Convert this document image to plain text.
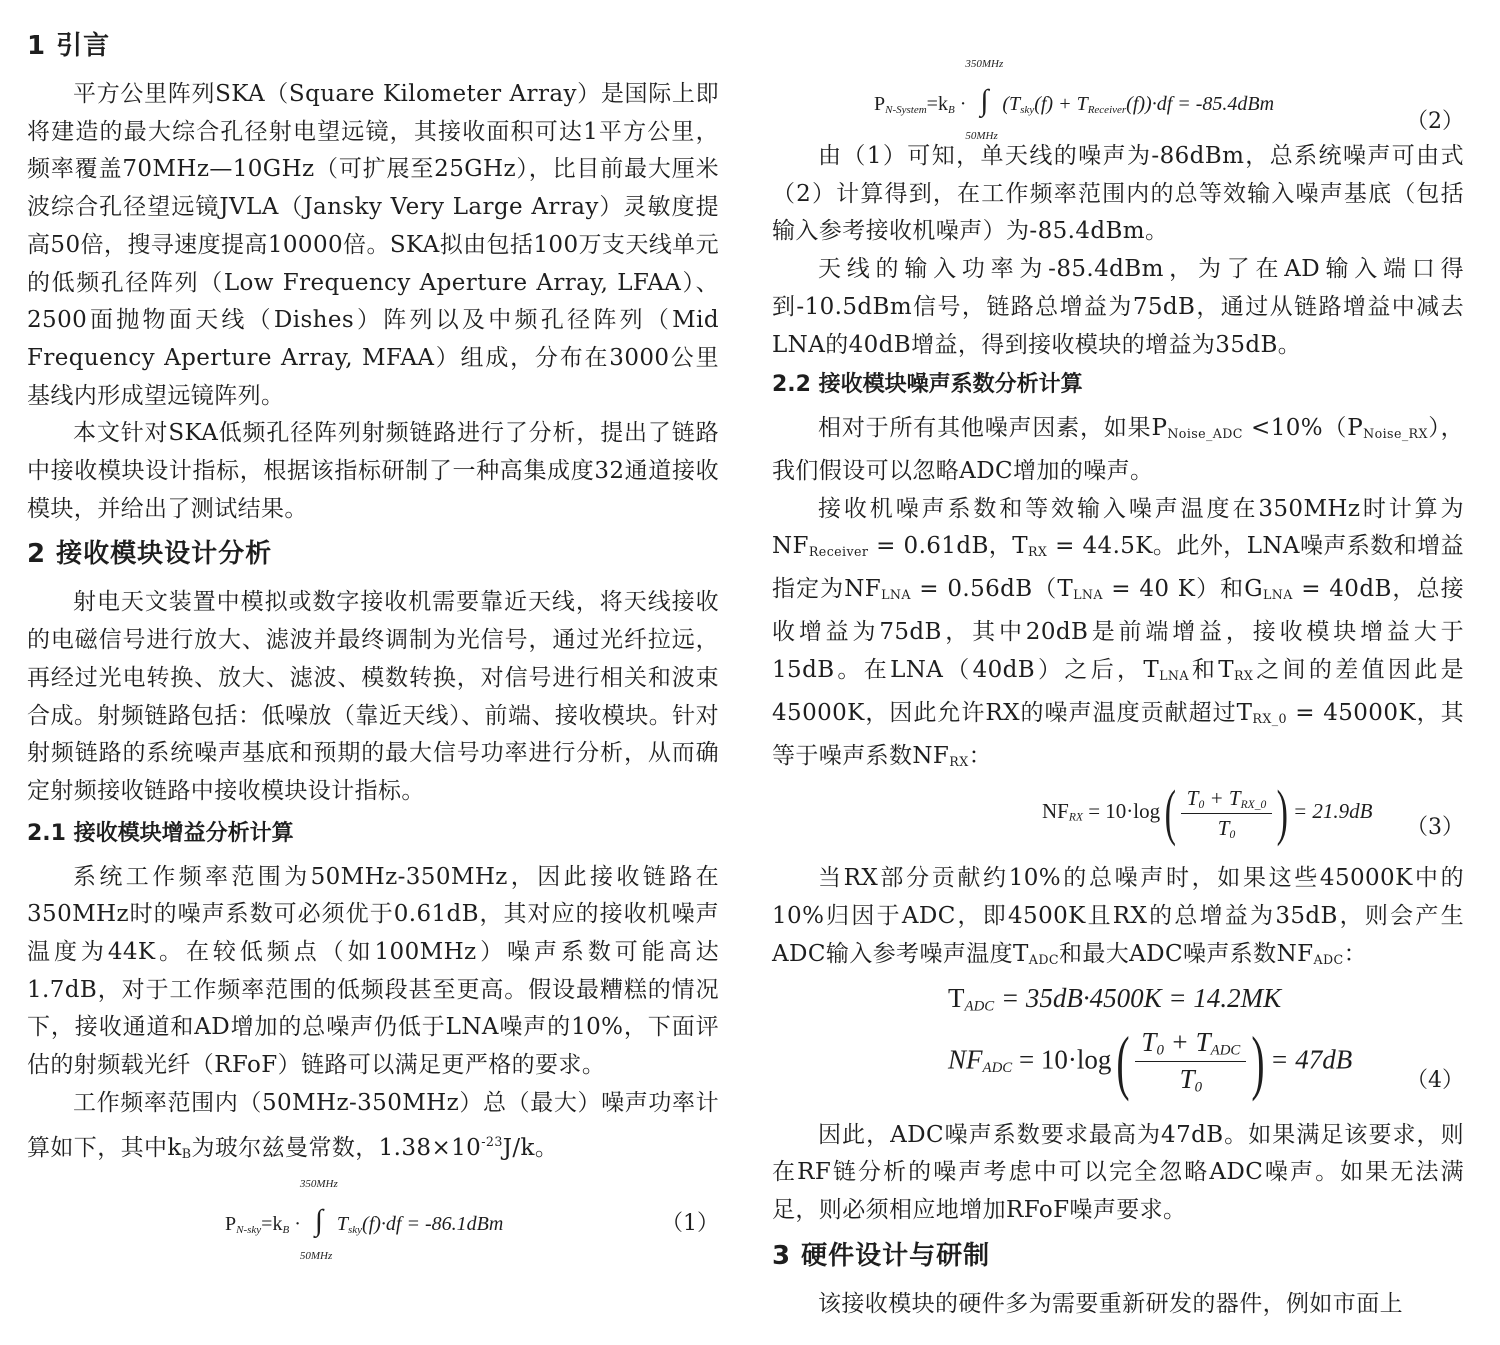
1 引言

平方公里阵列SKA（Square Kilometer Array）是国际上即将建造的最大综合孔径射电望远镜，其接收面积可达1平方公里，频率覆盖70MHz—10GHz（可扩展至25GHz），比目前最大厘米波综合孔径望远镜JVLA（Jansky Very Large Array）灵敏度提高50倍，搜寻速度提高10000倍。SKA拟由包括100万支天线单元的低频孔径阵列（Low Frequency Aperture Array, LFAA）、2500面抛物面天线（Dishes）阵列以及中频孔径阵列（Mid Frequency Aperture Array, MFAA）组成，分布在3000公里基线内形成望远镜阵列。

本文针对SKA低频孔径阵列射频链路进行了分析，提出了链路中接收模块设计指标，根据该指标研制了一种高集成度32通道接收模块，并给出了测试结果。

2 接收模块设计分析

射电天文装置中模拟或数字接收机需要靠近天线，将天线接收的电磁信号进行放大、滤波并最终调制为光信号，通过光纤拉远，再经过光电转换、放大、滤波、模数转换，对信号进行相关和波束合成。射频链路包括：低噪放（靠近天线）、前端、接收模块。针对射频链路的系统噪声基底和预期的最大信号功率进行分析，从而确定射频接收链路中接收模块设计指标。

2.1 接收模块增益分析计算

系统工作频率范围为50MHz-350MHz，因此接收链路在350MHz时的噪声系数可必须优于0.61dB，其对应的接收机噪声温度为44K。在较低频点（如100MHz）噪声系数可能高达1.7dB，对于工作频率范围的低频段甚至更高。假设最糟糕的情况下，接收通道和AD增加的总噪声仍低于LNA噪声的10%，下面评估的射频载光纤（RFoF）链路可以满足更严格的要求。

工作频率范围内（50MHz-350MHz）总（最大）噪声功率计算如下，其中kB为玻尔兹曼常数，$1.38\times 10^{-23}J/k$。

PN-sky=kB ·
350MHz
∫
50MHz
Tsky(f)·df = -86.1dBm	（1）
PN-System=kB ·
350MHz
∫
50MHz
(Tsky(f) + TReceiver(f))·df = -85.4dBm
（2）

由（1）可知，单天线的噪声为-86dBm，总系统噪声可由式（2）计算得到，在工作频率范围内的总等效输入噪声基底（包括输入参考接收机噪声）为-85.4dBm。

天线的输入功率为-85.4dBm，为了在AD输入端口得到-10.5dBm信号，链路总增益为75dB，通过从链路增益中减去LNA的40dB增益，得到接收模块的增益为35dB。

2.2 接收模块噪声系数分析计算

相对于所有其他噪声因素，如果PNoise_ADC <10%（PNoise_RX），我们假设可以忽略ADC增加的噪声。

接收机噪声系数和等效输入噪声温度在350MHz时计算为NFReceiver = 0.61dB，TRX = 44.5K。此外，LNA噪声系数和增益指定为NFLNA = 0.56dB（TLNA = 40 K）和GLNA = 40dB，总接收增益为75dB，其中20dB是前端增益，接收模块增益大于15dB。在LNA（40dB）之后，TLNA和TRX之间的差值因此是45000K，因此允许RX的噪声温度贡献超过TRX_0 = 45000K，其等于噪声系数NFRX：

NFRX = $10\cdot\log( \frac{\text{T0 + TRX\_0}}{T0}$ ) = 21.9dB
（3）

当RX部分贡献约10%的总噪声时，如果这些45000K中的10%归因于ADC，即4500K且RX的总增益为35dB，则会产生ADC输入参考噪声温度TADC和最大ADC噪声系数NFADC：

TADC = 35dB·4500K = 14.2MK
NFADC = $10\cdot\log( \frac{\text{T0 + TADC}}{T0}$ ) = 47dB
（4）

因此，ADC噪声系数要求最高为47dB。如果满足该要求，则在RF链分析的噪声考虑中可以完全忽略ADC噪声。如果无法满足，则必须相应地增加RFoF噪声要求。

3 硬件设计与研制

该接收模块的硬件多为需要重新研发的器件，例如市面上
